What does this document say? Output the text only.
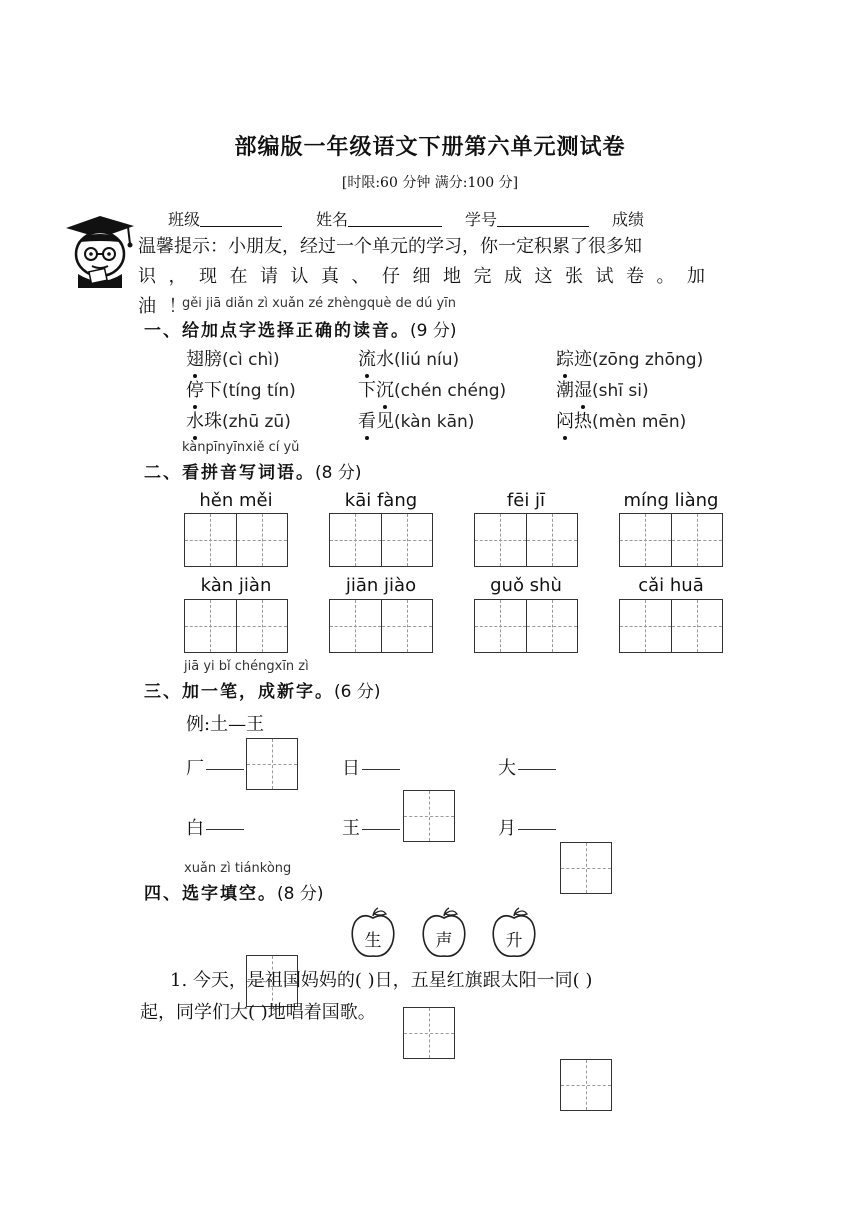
部编版一年级语文下册第六单元测试卷
[时限:60 分钟 满分:100 分]
班级	姓名	学号	成绩
温馨提示：小朋友，经过一个单元的学习，你一定积累了很多知
识，现在请认真、仔细地完成这张试卷。加油！
gěi jiā diǎn zì xuǎn zé zhèngquè de dú yīn
一、给加点字选择正确的读音。(9 分)
翅膀(cì chì)	流水(liú níu)	踪迹(zōng zhōng)
停下(tíng tín)	下沉(chén chéng)	潮湿(shī si)
水珠(zhū zū)	看见(kàn kān)	闷热(mèn mēn)
kànpīnyīnxiě cí yǔ
二、看拼音写词语。(8 分)
hěn měi	kāi fàng	fēi jī	míng liàng
kàn jiàn	jiān jiào	guǒ shù	cǎi huā
jiā yi bǐ chéngxīn zì
三、加一笔，成新字。(6 分)
例:土—王
厂	日	大
白	王	月
xuǎn zì tiánkòng
四、选字填空。(8 分)
生	声	升
1. 今天，是祖国妈妈的( )日，五星红旗跟太阳一同( )
起，同学们大( )地唱着国歌。
